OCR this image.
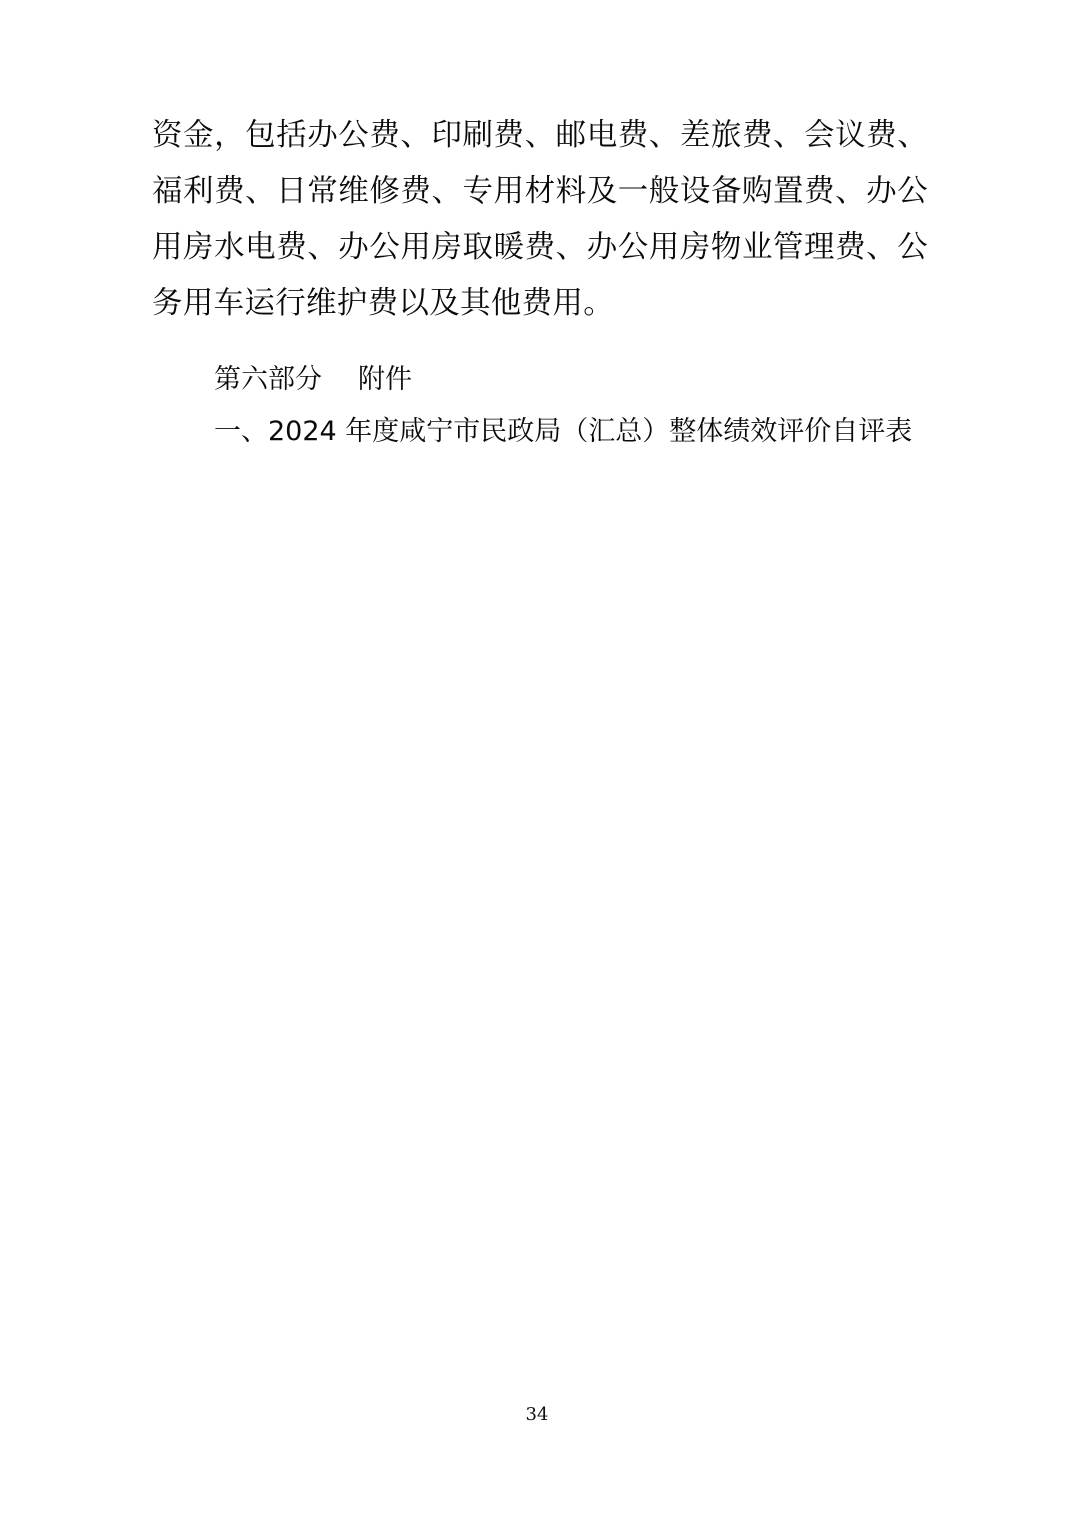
资金，包括办公费、印刷费、邮电费、差旅费、会议费、福利费、日常维修费、专用材料及一般设备购置费、办公用房水电费、办公用房取暖费、办公用房物业管理费、公务用车运行维护费以及其他费用。

第六部分 附件

一、2024 年度咸宁市民政局（汇总）整体绩效评价自评表

34
